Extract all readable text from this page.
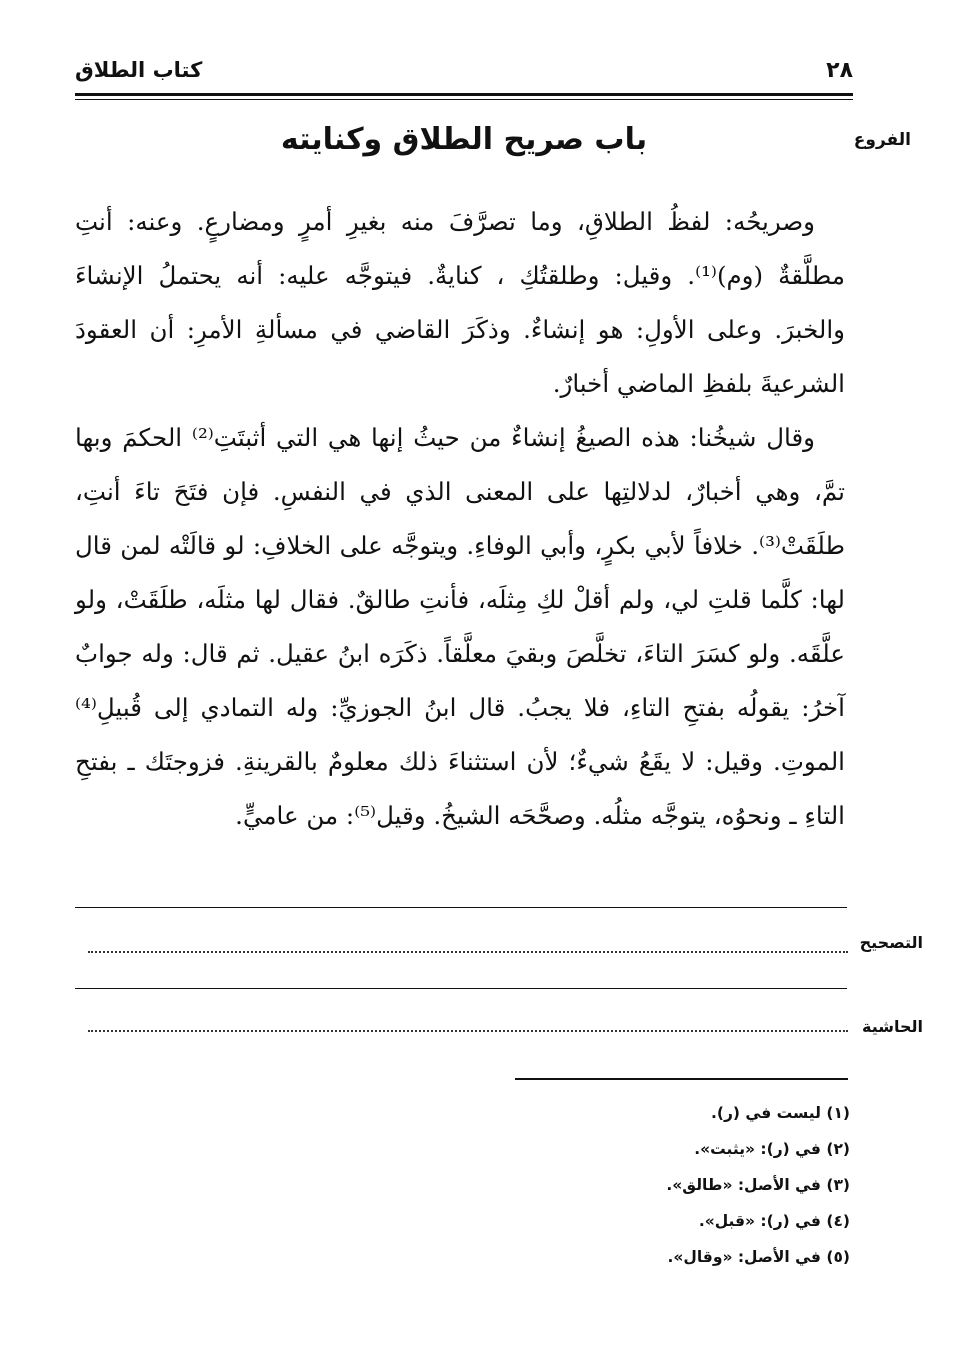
٢٨
كتاب الطلاق
الفروع
باب صريح الطلاق وكنايته

وصريحُه: لفظُ الطلاقِ، وما تصرَّفَ منه بغيرِ أمرٍ ومضارعٍ. وعنه: أنتِ مطلَّقةٌ (وم)⁽¹⁾. وقيل: وطلقتُكِ ، كنايةٌ. فيتوجَّه عليه: أنه يحتملُ الإنشاءَ والخبرَ. وعلى الأولِ: هو إنشاءٌ. وذكَرَ القاضي في مسألةِ الأمرِ: أن العقودَ الشرعيةَ بلفظِ الماضي أخبارٌ.

وقال شيخُنا: هذه الصيغُ إنشاءٌ من حيثُ إنها هي التي أثبتَتِ⁽²⁾ الحكمَ وبها تمَّ، وهي أخبارٌ، لدلالتِها على المعنى الذي في النفسِ. فإن فتَحَ تاءَ أنتِ، طلَقَتْ⁽³⁾. خلافاً لأبي بكرٍ، وأبي الوفاءِ. ويتوجَّه على الخلافِ: لو قالَتْه لمن قال لها: كلَّما قلتِ لي، ولم أقلْ لكِ مِثلَه، فأنتِ طالقٌ. فقال لها مثلَه، طلَقَتْ، ولو علَّقَه. ولو كسَرَ التاءَ، تخلَّصَ وبقيَ معلَّقاً. ذكَرَه ابنُ عقيل. ثم قال: وله جوابٌ آخرُ: يقولُه بفتحِ التاءِ، فلا يجبُ. قال ابنُ الجوزيِّ: وله التمادي إلى قُبيلِ⁽⁴⁾ الموتِ. وقيل: لا يقَعُ شيءٌ؛ لأن استثناءَ ذلك معلومٌ بالقرينةِ. فزوجتَك ـ بفتحِ التاءِ ـ ونحوُه، يتوجَّه مثلُه. وصحَّحَه الشيخُ. وقيل⁽⁵⁾: من عاميٍّ.

التصحيح
الحاشية
(١) ليست في (ر).
(٢) في (ر): «يثبت».
(٣) في الأصل: «طالق».
(٤) في (ر): «قبل».
(٥) في الأصل: «وقال».
